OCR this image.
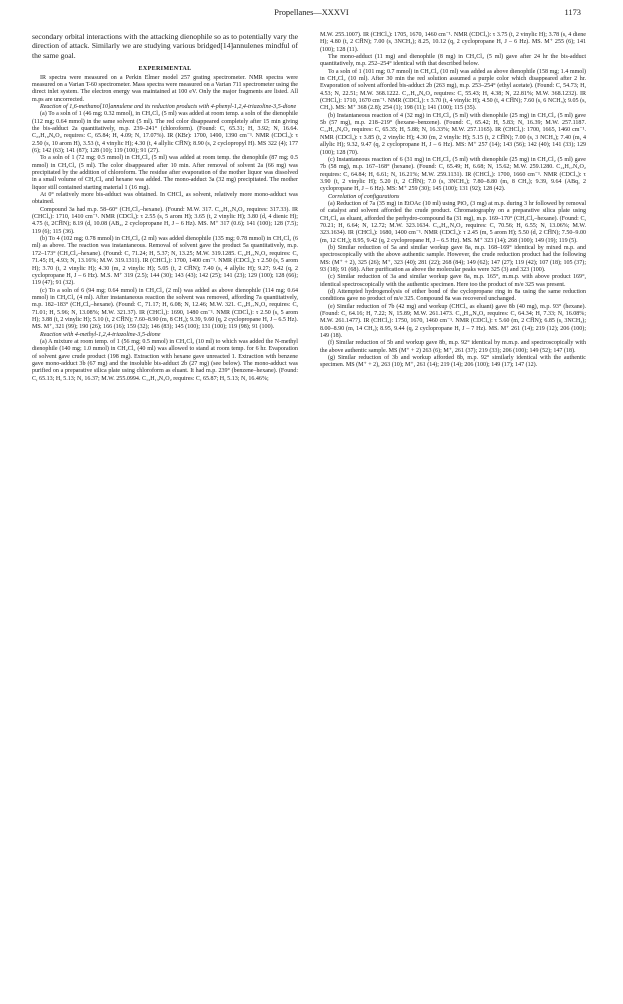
Propellanes—XXXVI	1173

secondary orbital interactions with the attacking dienophile so as to potentially vary the direction of attack. Similarly we are studying various bridged[14]annulenes mindful of the same goal.

EXPERIMENTAL

IR spectra were measured on a Perkin Elmer model 257 grating spectrometer. NMR spectra were measured on a Varian T-60 spectrometer. Mass spectra were measured on a Varian 711 spectrometer using the direct inlet system. The electron energy was maintained at 100 eV. Only the major fragments are listed. All m.ps are uncorrected.

Reaction of 1,6-methano[10]annulene and its reduction products with 4-phenyl-1,2,4-triazoline-3,5-dione

(a) To a soln of 1 (46 mg; 0.32 mmol), in CH₂Cl₂ (5 ml) was added at room temp. a soln of the dienophile (112 mg; 0.64 mmol) in the same solvent (5 ml). The red color disappeared completely after 15 min giving the bis-adduct 2a quantitatively, m.p. 239–241° (chloroform). (Found: C, 65.31; H, 3.92; N, 16.64. C₂₃H₁₈N₆O₄ requires: C, 65.84; H, 4.09; N, 17.07%). IR (KBr): 1700, 1490, 1390 cm⁻¹. NMR (CDCl₃): τ 2.50 (s, 10 arom H), 3.53 (t, 4 vinylic H); 4.30 (t, 4 allylic CH̅N); 8.90 (s, 2 cyclopropyl H). MS 322 (4); 177 (6); 142 (63); 141 (87); 128 (10); 119 (100); 91 (27).

To a soln of 1 (72 mg; 0.5 mmol) in CH₂Cl₂ (5 ml) was added at room temp. the dienophile (87 mg; 0.5 mmol) in CH₂Cl₂ (5 ml). The color disappeared after 10 min. After removal of solvent 2a (66 mg) was precipitated by the addition of chloroform. The residue after evaporation of the mother liquor was dissolved in a small volume of CH₂Cl₂ and hexane was added. The mono-adduct 3a (32 mg) precipitated. The mother liquor still contained starting material 1 (16 mg).

At 0° relatively more bis-adduct was obtained. In CHCl₃ as solvent, relatively more mono-adduct was obtained.

Compound 3a had m.p. 58–60° (CH₂Cl₂–hexane). (Found: M.W. 317. C₁₉H₁₅N₃O₂ requires: 317.33). IR (CHCl₃): 1710, 1410 cm⁻¹. NMR (CDCl₃): τ 2.55 (s, 5 arom H); 3.65 (t, 2 vinylic H); 3.80 (d, 4 dienic H); 4.75 (t, 2CH̅N); 8.19 (d, 10.08 (AB₂, 2 cyclopropane H, J – 6 Hz). MS. M⁺ 317 (0.6); 141 (100); 128 (7.5); 119 (6); 115 (36).

(b) To 4 (102 mg; 0.78 mmol) in CH₂Cl₂ (2 ml) was added dienophile (135 mg; 0.78 mmol) in CH₂Cl₂ (6 ml) as above. The reaction was instantaneous. Removal of solvent gave the product 5a quantitatively, m.p. 172–173° (CH₂Cl₂–hexane). (Found: C, 71.24; H, 5.37; N, 13.25; M.W. 319.1285. C₁₉H₁₅N₃O₂ requires: C, 71.45; H, 4.93; N, 13.16%; M.W. 319.1311). IR (CHCl₃): 1700, 1400 cm⁻¹. NMR (CDCl₃): τ 2.50 (s, 5 arom H); 3.70 (t, 2 vinylic H); 4.30 (m, 2 vinylic H); 5.05 (t, 2 CH̅N); 7.40 (s, 4 allylic H); 9.27; 9.42 (q, 2 cyclopropane H, J – 6 Hz). M.S. M⁺ 319 (2.5); 144 (30); 143 (43); 142 (25); 141 (23); 129 (100); 128 (66); 119 (47); 91 (32).

(c) To a soln of 6 (94 mg; 0.64 mmol) in CH₂Cl₂ (2 ml) was added as above dienophile (114 mg; 0.64 mmol) in CH₂Cl₂ (4 ml). After instantaneous reaction the solvent was removed, affording 7a quantitatively, m.p. 182–183° (CH₂Cl₂–hexane). (Found: C, 71.17; H, 6.08; N, 12.46; M.W. 321. C₁₉H₁₇N₃O₂ requires: C, 71.01; H, 5.96; N, 13.08%; M.W. 321.37). IR (CHCl₃): 1690, 1480 cm⁻¹. NMR (CDCl₃): τ 2.50 (s, 5 arom H); 3.88 (t, 2 vinylic H); 5.10 (t, 2 CH̅N); 7.60–8.90 (m, 8 CH₂); 9.39, 9.60 (q, 2 cyclopropane H, J – 6.5 Hz). MS. M⁺, 321 (99); 190 (26); 166 (16); 159 (32); 146 (83); 145 (100); 131 (100); 119 (98); 91 (100).

Reaction with 4-methyl-1,2,4-triazoline-3,5-dione

(a) A mixture at room temp. of 1 (56 mg; 0.5 mmol) in CH₂Cl₂ (10 ml) to which was added the N-methyl dienophile (140 mg; 1.0 mmol) in CH₂Cl₂ (40 ml) was allowed to stand at room temp. for 6 hr. Evaporation of solvent gave crude product (198 mg). Extraction with hexane gave unreacted 1. Extraction with benzene gave mono-adduct 3b (67 mg) and the insoluble bis-adduct 2b (27 mg) (see below). The mono-adduct was purified on a preparative silica plate using chloroform as eluant. It had m.p. 239° (benzene–hexane). (Found: C, 65.13; H, 5.13; N, 16.37; M.W. 255.0994. C₁₄H₁₃N₃O₂ requires: C, 65.87; H, 5.13; N, 16.46%;

M.W. 255.1007). IR (CHCl₃): 1705, 1670, 1460 cm⁻¹. NMR (CDCl₃): τ 3.75 (t, 2 vinylic H); 3.78 (s, 4 diene H); 4.80 (t, 2 CH̅N); 7.00 (s, 3NCH₃); 8.25, 10.12 (q, 2 cyclopropane H, J – 6 Hz). MS. M⁺ 255 (6); 141 (100); 128 (11).

The mono-adduct (11 mg) and dienophile (8 mg) in CH₂Cl₂ (5 ml) gave after 24 hr the bis-adduct quantitatively, m.p. 252–254° identical with that described below.

To a soln of 1 (101 mg; 0.7 mmol) in CH₂Cl₂ (10 ml) was added as above dienophile (158 mg; 1.4 mmol) in CH₂Cl₂ (10 ml). After 30 min the red solution assumed a purple color which disappeared after 2 hr. Evaporation of solvent afforded bis-adduct 2b (263 mg), m.p. 253–254° (ethyl acetate). (Found: C, 54.73; H, 4.53; N, 22.51; M.W. 368.1222. C₁₇H₁₆N₆O₄ requires: C, 55.43; H, 4.38; N, 22.81%; M.W. 368.1232). IR (CHCl₃): 1710, 1670 cm⁻¹. NMR (CDCl₃): τ 3.70 (t, 4 vinylic H); 4.50 (t, 4 CH̅N); 7.60 (s, 6 NCH₃); 9.05 (s, CH₂). MS: M⁺ 368 (2.8); 254 (1); 198 (11); 141 (100); 115 (35).

(b) Instantaneous reaction of 4 (32 mg) in CH₂Cl₂ (5 ml) with dienophile (25 mg) in CH₂Cl₂ (5 ml) gave 5b (57 mg), m.p. 218–219° (hexane–benzene). (Found: C, 65.42; H, 5.83; N, 16.39; M.W. 257.1187. C₁₄H₁₅N₃O₂ requires: C, 65.35; H, 5.88; N, 16.33%; M.W. 257.1165). IR (CHCl₃): 1700, 1665, 1460 cm⁻¹. NMR (CDCl₃): τ 3.85 (t, 2 vinylic H); 4.30 (m, 2 vinylic H); 5.15 (t, 2 CH̅N); 7.00 (s, 3 NCH₃); 7.40 (m, 4 allylic H); 9.32, 9.47 (q, 2 cyclopropane H, J – 6 Hz). MS: M⁺ 257 (14); 143 (56); 142 (40); 141 (33); 129 (100); 128 (70).

(c) Instantaneous reaction of 6 (31 mg) in CH₂Cl₂ (5 ml) with dienophile (25 mg) in CH₂Cl₂ (5 ml) gave 7b (58 mg), m.p. 167–168° (hexane). (Found: C, 65.49; H, 6.68; N, 15.62; M.W. 259.1280. C₁₄H₁₇N₃O₂ requires: C, 64.84; H, 6.61; N, 16.21%; M.W. 259.1131). IR (CHCl₃): 1700, 1660 cm⁻¹. NMR (CDCl₃): τ 3.90 (t, 2 vinylic H); 5.20 (t, 2 CH̅N); 7.0 (s, 3NCH₃); 7.80–8.80 (m, 8 CH₂); 9.39, 9.64 (ABq, 2 cyclopropane H, J – 6 Hz). MS: M⁺ 259 (30); 145 (100); 131 (92); 128 (42).

Correlation of configurations

(a) Reduction of 7a (35 mg) in EtOAc (10 ml) using PtO₂ (3 mg) at m.p. during 3 hr followed by removal of catalyst and solvent afforded the crude product. Chromatography on a preparative silica plate using CH₂Cl₂ as eluant, afforded the perhydro-compound 8a (31 mg), m.p. 169–170° (CH₂Cl₂–hexane). (Found: C, 70.21; H, 6.64; N, 12.72; M.W. 323.1634. C₁₉H₂₁N₃O₂ requires: C, 70.56; H, 6.55; N, 13.06%; M.W. 323.1634). IR (CHCl₃): 1680, 1400 cm⁻¹. NMR (CDCl₃): τ 2.45 (m, 5 arom H); 5.50 (d, 2 CH̅N); 7.50–9.00 (m, 12 CH₂); 8.95, 9.42 (q, 2 cyclopropane H, J – 6.5 Hz). MS. M⁺ 323 (14); 268 (100); 149 (19); 119 (5).

(b) Similar reduction of 5a and similar workup gave 8a, m.p. 168–169° identical by mixed m.p. and spectroscopically with the above authentic sample. However, the crude reduction product had the following MS: (M⁺ + 2), 325 (26); M⁺, 323 (40); 281 (22); 268 (84); 149 (62); 147 (27); 119 (42); 107 (18); 105 (37); 93 (18); 91 (68). After purification as above the molecular peaks were 325 (3) and 323 (100).

(c) Similar reduction of 3a and similar workup gave 8a, m.p. 165°, m.m.p. with above product 169°, identical spectroscopically with the authentic specimen. Here too the product of m/e 325 was present.

(d) Attempted hydrogenolysis of either bond of the cyclopropane ring in 8a using the same reduction conditions gave no product of m/e 325. Compound 8a was recovered unchanged.

(e) Similar reduction of 7b (42 mg) and workup (CHCl₃ as eluant) gave 8b (40 mg), m.p. 93° (hexane). (Found: C, 64.16; H, 7.22; N, 15.89; M.W. 261.1473. C₁₄H₁₉N₃O₂ requires: C, 64.34; H, 7.33; N, 16.08%; M.W. 261.1477). IR (CHCl₃): 1750, 1670, 1460 cm⁻¹. NMR (CDCl₃): τ 5.60 (m, 2 CH̅N); 6.85 (s, 3NCH₃); 8.00–8.90 (m, 14 CH₂); 8.95, 9.44 (q, 2 cyclopropane H, J – 7 Hz). MS. M⁺ 261 (14); 219 (12); 206 (100); 149 (18).

(f) Similar reduction of 5b and workup gave 8b, m.p. 92° identical by m.m.p. and spectroscopically with the above authentic sample. MS (M⁺ + 2) 263 (6); M⁺, 261 (37); 219 (33); 206 (100); 149 (52); 147 (18).

(g) Similar reduction of 3b and workup afforded 8b, m.p. 92° similarly identical with the authentic specimen. MS (M⁺ + 2), 263 (10); M⁺, 261 (14); 219 (14); 206 (100); 149 (17); 147 (12).
